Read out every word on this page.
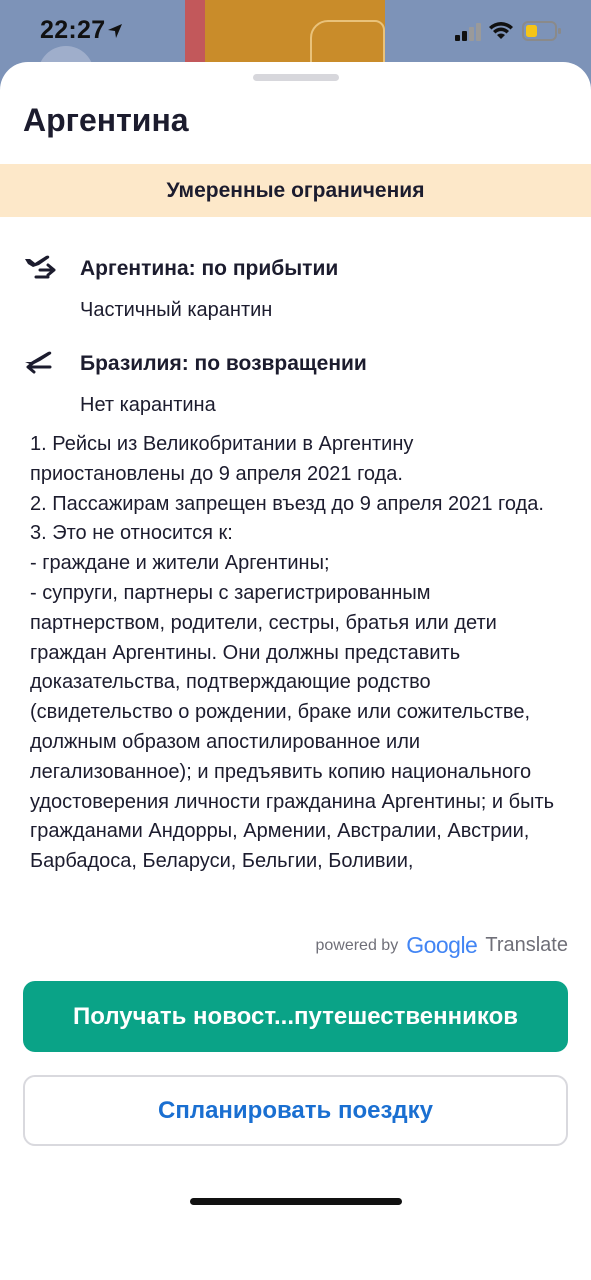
22:27
Аргентина
Умеренные ограничения
Аргентина: по прибытии
Частичный карантин
Бразилия: по возвращении
Нет карантина

1. Рейсы из Великобритании в Аргентину приостановлены до 9 апреля 2021 года.

2. Пассажирам запрещен въезд до 9 апреля 2021 года.

3. Это не относится к:

- граждане и жители Аргентины;

- супруги, партнеры с зарегистрированным партнерством, родители, сестры, братья или дети граждан Аргентины. Они должны представить доказательства, подтверждающие родство (свидетельство о рождении, браке или сожительстве, должным образом апостилированное или легализованное); и предъявить копию национального удостоверения личности гражданина Аргентины; и быть гражданами Андорры, Армении, Австралии, Австрии, Барбадоса, Беларуси, Бельгии, Боливии,

powered by Google Translate
Получать новост...путешественников
Спланировать поездку
